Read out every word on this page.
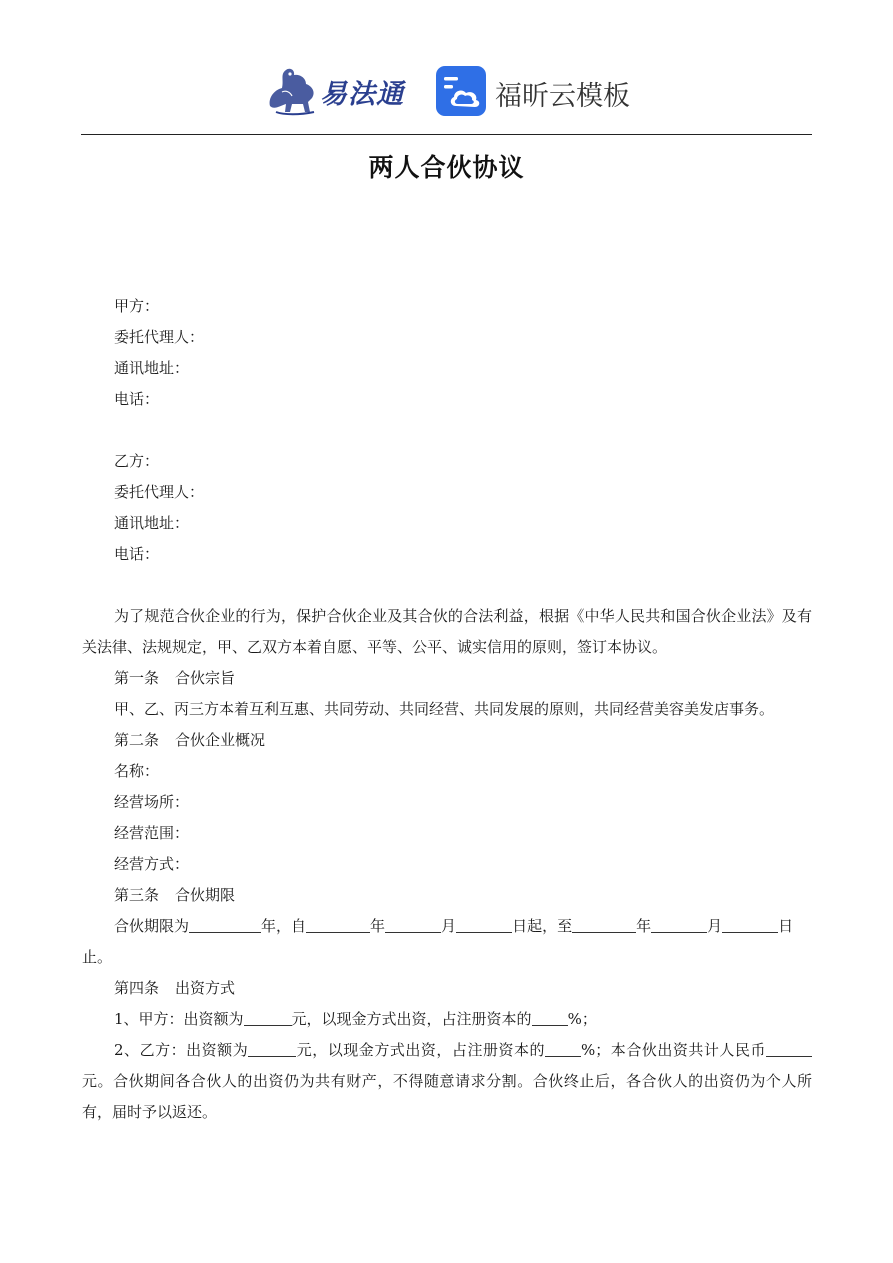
易法通	福昕云模板
两人合伙协议
甲方：
委托代理人：
通讯地址：
电话：
乙方：
委托代理人：
通讯地址：
电话：
为了规范合伙企业的行为，保护合伙企业及其合伙的合法利益，根据《中华人民共和国合伙企业法》及有关法律、法规规定，甲、乙双方本着自愿、平等、公平、诚实信用的原则，签订本协议。
第一条 合伙宗旨
甲、乙、丙三方本着互利互惠、共同劳动、共同经营、共同发展的原则，共同经营美容美发店事务。
第二条 合伙企业概况
名称：
经营场所：
经营范围：
经营方式：
第三条 合伙期限
合伙期限为	年，自	年	月	日起，至	年	月	日
止。
第四条 出资方式
1、甲方：出资额为	元，以现金方式出资，占注册资本的 %；
2、乙方：出资额为	元，以现金方式出资，占注册资本的 %；本合伙出资共计人民币元。合伙期间各合伙人的出资仍为共有财产，不得随意请求分割。合伙终止后，各合伙人的出资仍为个人所有，届时予以返还。
